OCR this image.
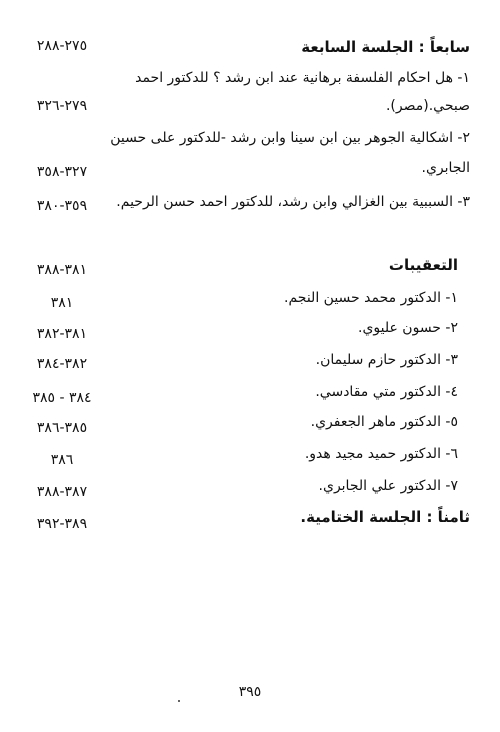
سابعاً : الجلسة السابعة
٢٧٥-٢٨٨
١- هل احكام الفلسفة برهانية عند ابن رشد ؟ للدكتور احمد
صبحي.(مصر).
٢٧٩-٣٢٦
٢- اشكالية الجوهر بين ابن سينا وابن رشد -للدكتور على حسين
الجابري.
٣٢٧-٣٥٨
٣- السببية بين الغزالي وابن رشد، للدكتور احمد حسن الرحيم.
٣٥٩-٣٨٠
التعقيبات
٣٨١-٣٨٨
١- الدكتور محمد حسين النجم.
٣٨١
٢- حسون عليوي.
٣٨١-٣٨٢
٣- الدكتور حازم سليمان.
٣٨٢-٣٨٤
٤- الدكتور متي مقادسي.
٣٨٤ - ٣٨٥
٥- الدكتور ماهر الجعفري.
٣٨٥-٣٨٦
٦- الدكتور حميد مجيد هدو.
٣٨٦
٧- الدكتور علي الجابري.
٣٨٧-٣٨٨
ثامناً : الجلسة الختامية.
٣٨٩-٣٩٢
٣٩٥
